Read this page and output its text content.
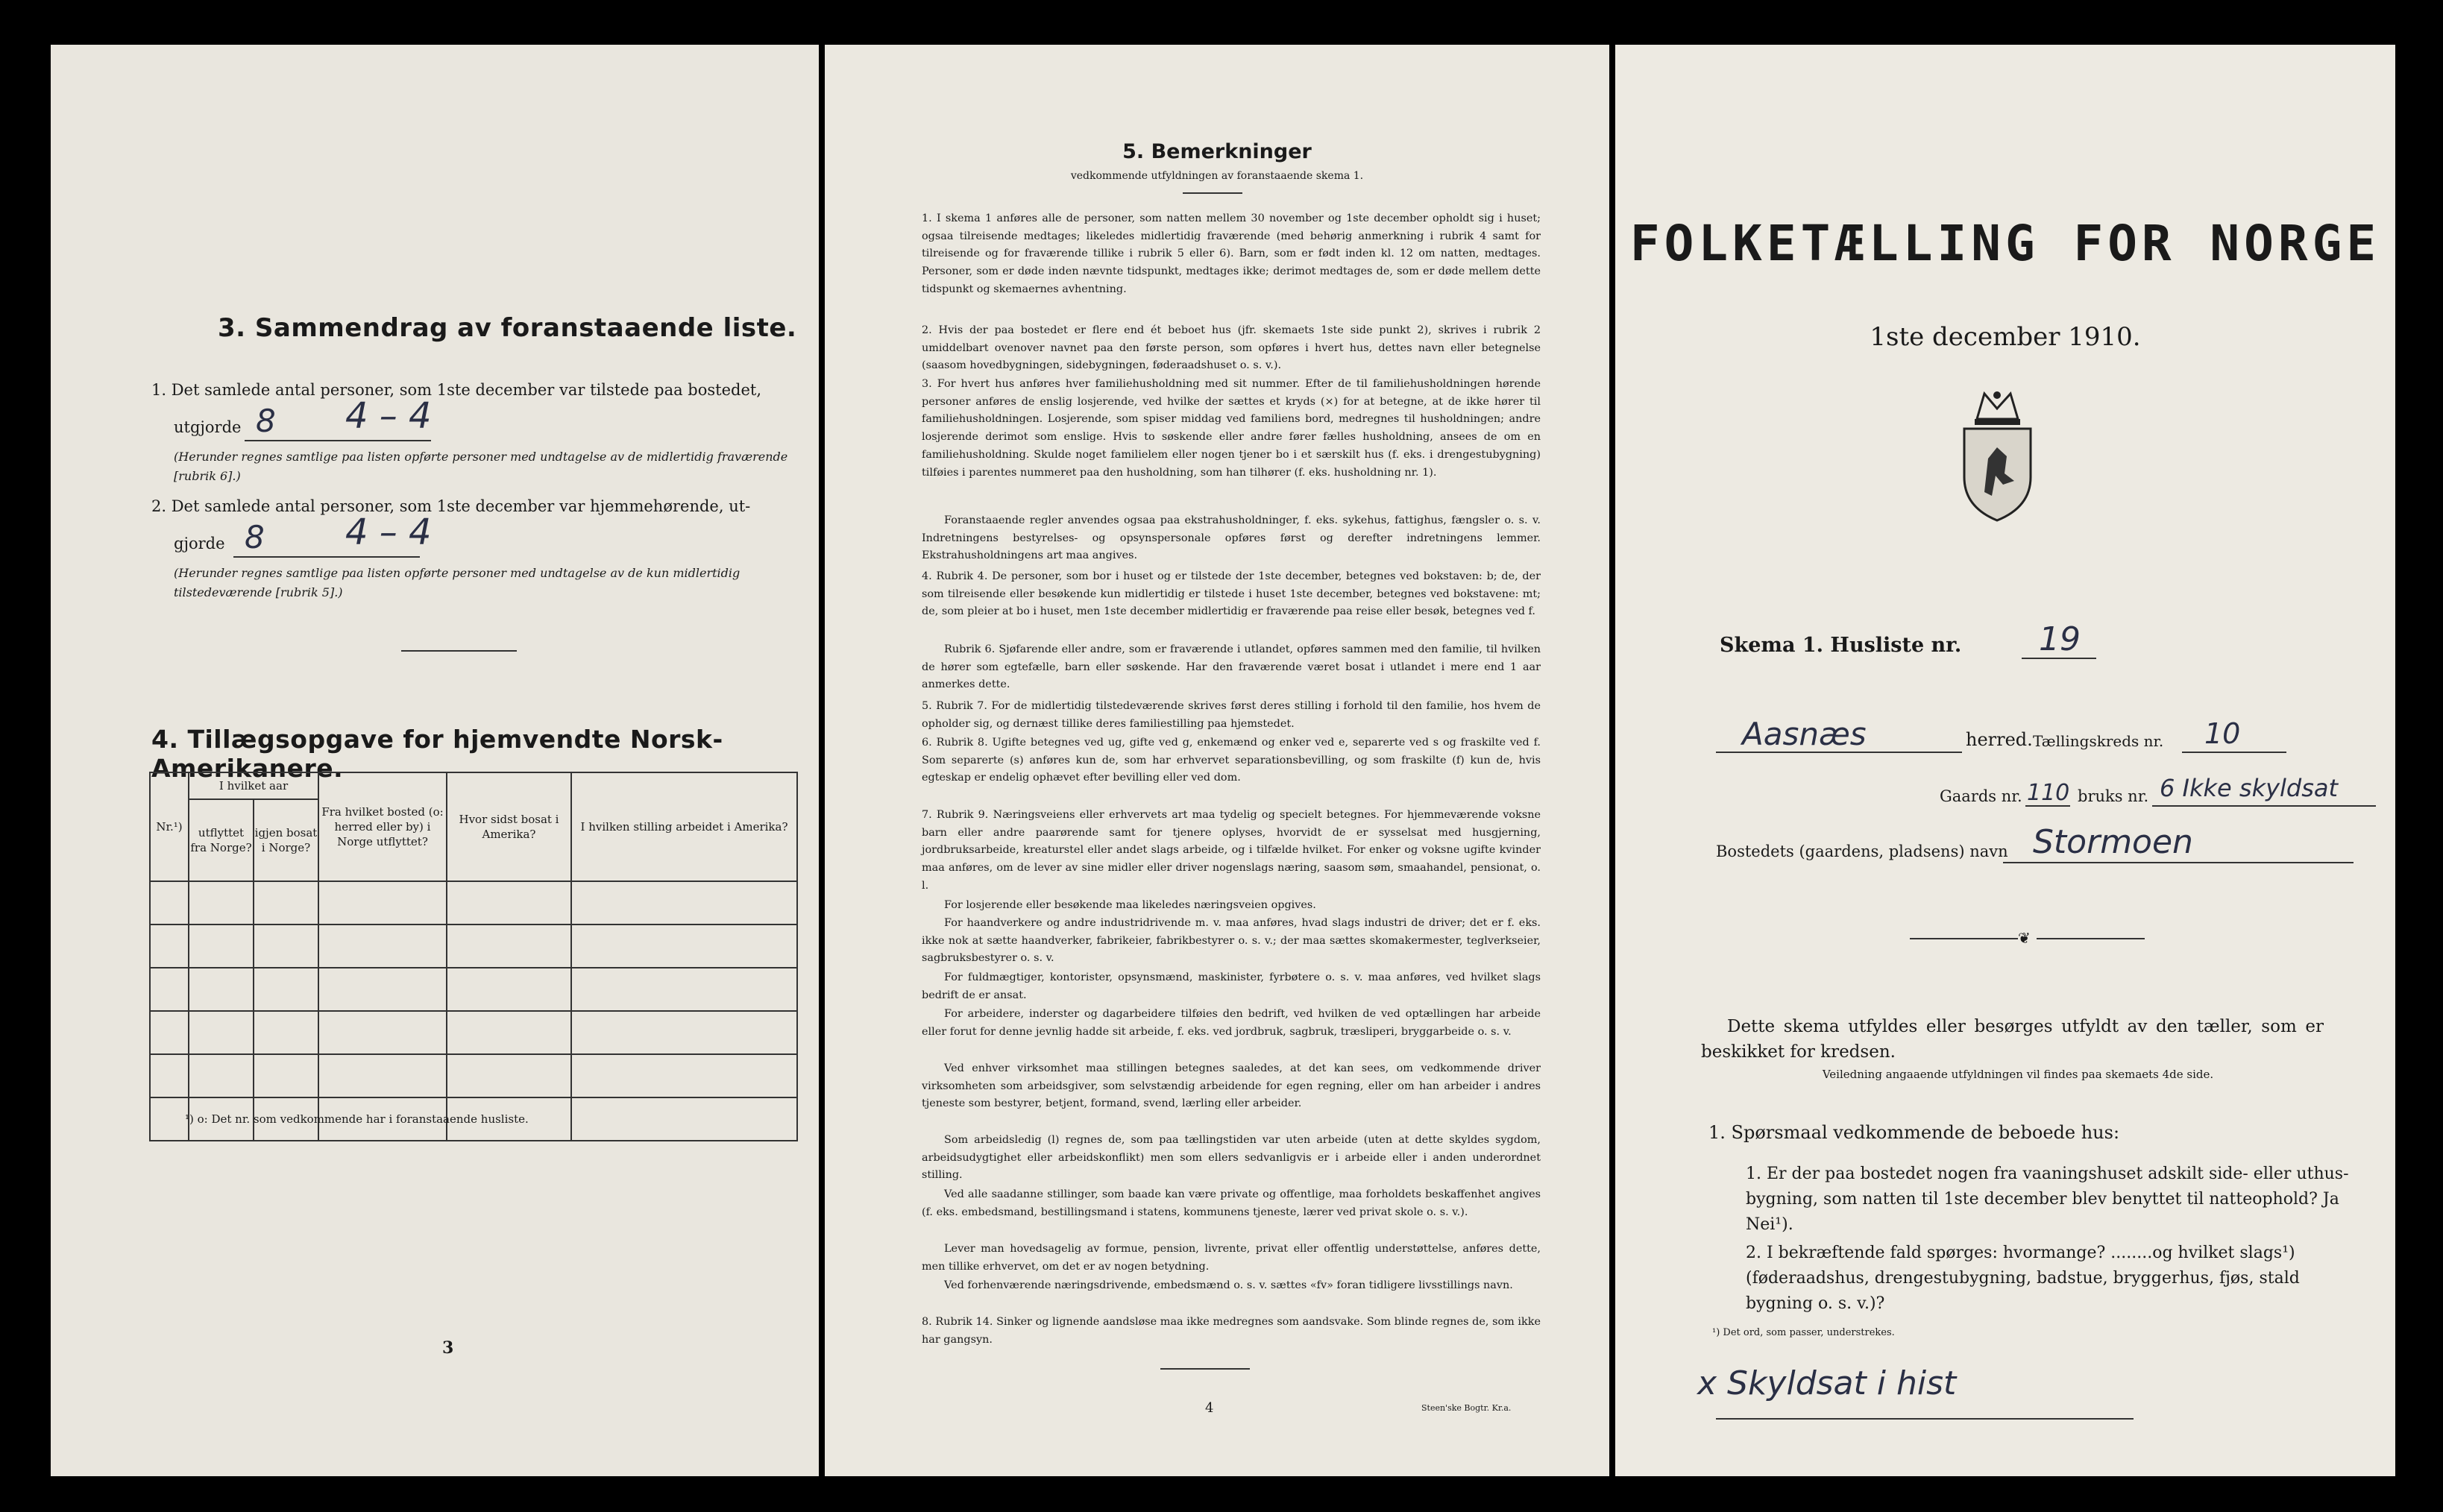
3. Sammendrag av foranstaaende liste.
1. Det samlede antal personer, som 1ste december var tilstede paa bostedet,
utgjorde 8 4 – 4
(Herunder regnes samtlige paa listen opførte personer med undtagelse av de midlertidig fraværende [rubrik 6].)
2. Det samlede antal personer, som 1ste december var hjemmehørende, ut-
gjorde 8 4 – 4
(Herunder regnes samtlige paa listen opførte personer med undtagelse av de kun midlertidig tilstedeværende [rubrik 5].)
4. Tillægsopgave for hjemvendte Norsk-Amerikanere.
Nr.¹)	I hvilket aar		Fra hvilket bosted (o: herred eller by) i Norge utflyttet?	Hvor sidst bosat i Amerika?	I hvilken stilling arbeidet i Amerika?
	utflyttet fra Norge?	igjen bosat i Norge?			

¹) o: Det nr. som vedkommende har i foranstaaende husliste.
3
5. Bemerkninger
vedkommende utfyldningen av foranstaaende skema 1.
1. I skema 1 anføres alle de personer, som natten mellem 30 november og 1ste december opholdt sig i huset; ogsaa tilreisende medtages; likeledes midlertidig fraværende (med behørig anmerkning i rubrik 4 samt for tilreisende og for fraværende tillike i rubrik 5 eller 6). Barn, som er født inden kl. 12 om natten, medtages. Personer, som er døde inden nævnte tidspunkt, medtages ikke; derimot medtages de, som er døde mellem dette tidspunkt og skemaernes avhentning.
2. Hvis der paa bostedet er flere end ét beboet hus (jfr. skemaets 1ste side punkt 2), skrives i rubrik 2 umiddelbart ovenover navnet paa den første person, som opføres i hvert hus, dettes navn eller betegnelse (saasom hovedbygningen, sidebygningen, føderaadshuset o. s. v.).
3. For hvert hus anføres hver familiehusholdning med sit nummer. Efter de til familiehusholdningen hørende personer anføres de enslig losjerende, ved hvilke der sættes et kryds (×) for at betegne, at de ikke hører til familiehusholdningen. Losjerende, som spiser middag ved familiens bord, medregnes til husholdningen; andre losjerende derimot som enslige. Hvis to søskende eller andre fører fælles husholdning, ansees de om en familiehusholdning. Skulde noget familielem eller nogen tjener bo i et særskilt hus (f. eks. i drengestubygning) tilføies i parentes nummeret paa den husholdning, som han tilhører (f. eks. husholdning nr. 1).
Foranstaaende regler anvendes ogsaa paa ekstrahusholdninger, f. eks. sykehus, fattighus, fængsler o. s. v. Indretningens bestyrelses- og opsynspersonale opføres først og derefter indretningens lemmer. Ekstrahusholdningens art maa angives.
4. Rubrik 4. De personer, som bor i huset og er tilstede der 1ste december, betegnes ved bokstaven: b; de, der som tilreisende eller besøkende kun midlertidig er tilstede i huset 1ste december, betegnes ved bokstavene: mt; de, som pleier at bo i huset, men 1ste december midlertidig er fraværende paa reise eller besøk, betegnes ved f.
Rubrik 6. Sjøfarende eller andre, som er fraværende i utlandet, opføres sammen med den familie, til hvilken de hører som egtefælle, barn eller søskende. Har den fraværende været bosat i utlandet i mere end 1 aar anmerkes dette.
5. Rubrik 7. For de midlertidig tilstedeværende skrives først deres stilling i forhold til den familie, hos hvem de opholder sig, og dernæst tillike deres familiestilling paa hjemstedet.
6. Rubrik 8. Ugifte betegnes ved ug, gifte ved g, enkemænd og enker ved e, separerte ved s og fraskilte ved f. Som separerte (s) anføres kun de, som har erhvervet separationsbevilling, og som fraskilte (f) kun de, hvis egteskap er endelig ophævet efter bevilling eller ved dom.
7. Rubrik 9. Næringsveiens eller erhvervets art maa tydelig og specielt betegnes. For hjemmeværende voksne barn eller andre paarørende samt for tjenere oplyses, hvorvidt de er sysselsat med husgjerning, jordbruksarbeide, kreaturstel eller andet slags arbeide, og i tilfælde hvilket. For enker og voksne ugifte kvinder maa anføres, om de lever av sine midler eller driver nogenslags næring, saasom søm, smaahandel, pensionat, o. l.
For losjerende eller besøkende maa likeledes næringsveien opgives.
For haandverkere og andre industridrivende m. v. maa anføres, hvad slags industri de driver; det er f. eks. ikke nok at sætte haandverker, fabrikeier, fabrikbestyrer o. s. v.; der maa sættes skomakermester, teglverkseier, sagbruksbestyrer o. s. v.
For fuldmægtiger, kontorister, opsynsmænd, maskinister, fyrbøtere o. s. v. maa anføres, ved hvilket slags bedrift de er ansat.
For arbeidere, inderster og dagarbeidere tilføies den bedrift, ved hvilken de ved optællingen har arbeide eller forut for denne jevnlig hadde sit arbeide, f. eks. ved jordbruk, sagbruk, træsliperi, bryggarbeide o. s. v.
Ved enhver virksomhet maa stillingen betegnes saaledes, at det kan sees, om vedkommende driver virksomheten som arbeidsgiver, som selvstændig arbeidende for egen regning, eller om han arbeider i andres tjeneste som bestyrer, betjent, formand, svend, lærling eller arbeider.
Som arbeidsledig (l) regnes de, som paa tællingstiden var uten arbeide (uten at dette skyldes sygdom, arbeidsudygtighet eller arbeidskonflikt) men som ellers sedvanligvis er i arbeide eller i anden underordnet stilling.
Ved alle saadanne stillinger, som baade kan være private og offentlige, maa forholdets beskaffenhet angives (f. eks. embedsmand, bestillingsmand i statens, kommunens tjeneste, lærer ved privat skole o. s. v.).
Lever man hovedsagelig av formue, pension, livrente, privat eller offentlig understøttelse, anføres dette, men tillike erhvervet, om det er av nogen betydning.
Ved forhenværende næringsdrivende, embedsmænd o. s. v. sættes «fv» foran tidligere livsstillings navn.
8. Rubrik 14. Sinker og lignende aandsløse maa ikke medregnes som aandsvake. Som blinde regnes de, som ikke har gangsyn.
4	Steen'ske Bogtr. Kr.a.
FOLKETÆLLING FOR NORGE
1ste december 1910.
Skema 1. Husliste nr. 19
Aasnæs	herred. Tællingskreds nr. 10
Gaards nr. 110 bruks nr. 6 Ikke skyldsat
Bostedets (gaardens, pladsens) navn Stormoen
❦
Dette skema utfyldes eller besørges utfyldt av den tæller, som er beskikket for kredsen.
Veiledning angaaende utfyldningen vil findes paa skemaets 4de side.
1. Spørsmaal vedkommende de beboede hus:
1. Er der paa bostedet nogen fra vaaningshuset adskilt side- eller uthus-bygning, som natten til 1ste december blev benyttet til natteophold? Ja Nei¹).
2. I bekræftende fald spørges: hvormange? ........og hvilket slags¹) (føderaadshus, drengestubygning, badstue, bryggerhus, fjøs, stald bygning o. s. v.)?
¹) Det ord, som passer, understrekes.
x Skyldsat i hist
